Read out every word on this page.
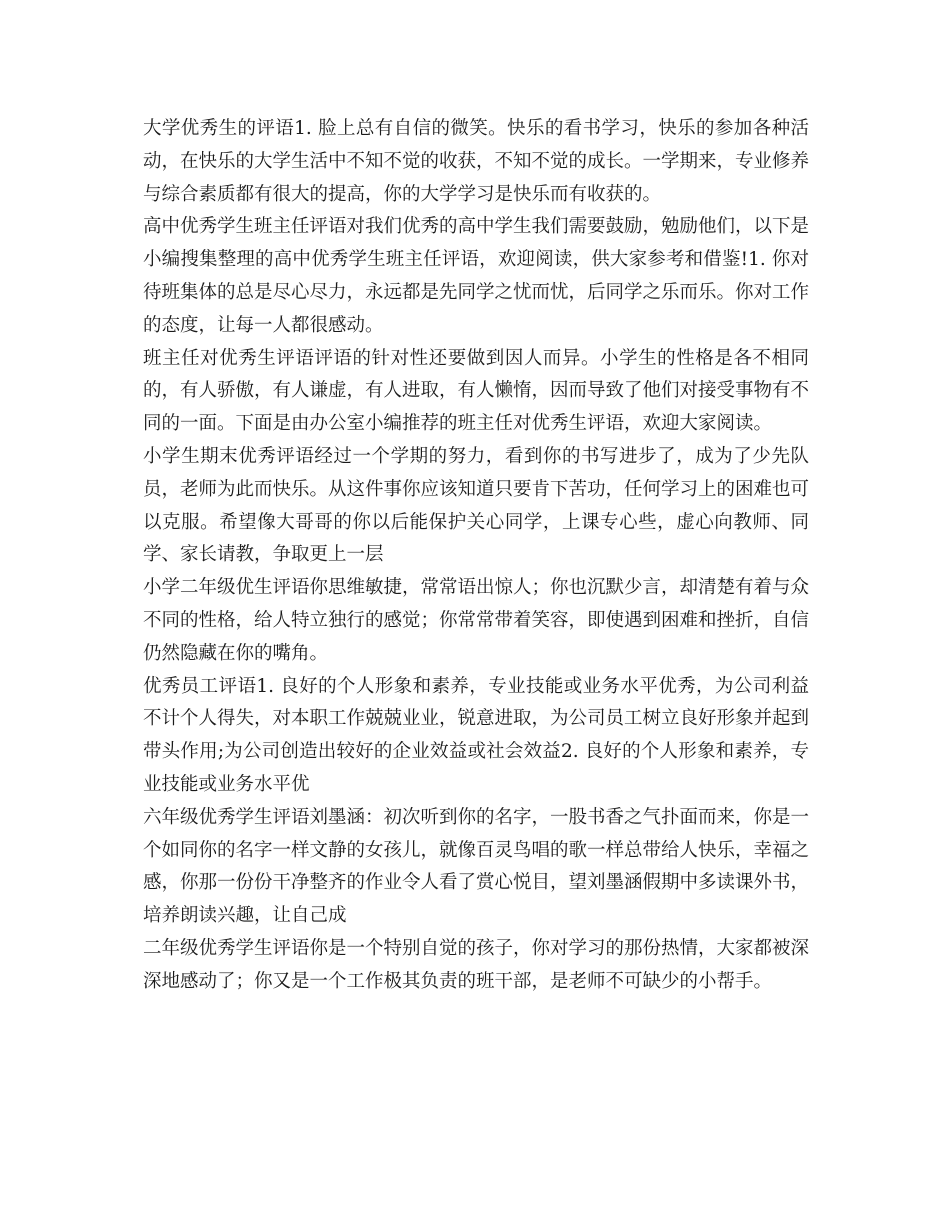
大学优秀生的评语1. 脸上总有自信的微笑。快乐的看书学习，快乐的参加各种活动，在快乐的大学生活中不知不觉的收获，不知不觉的成长。一学期来，专业修养与综合素质都有很大的提高，你的大学学习是快乐而有收获的。

高中优秀学生班主任评语对我们优秀的高中学生我们需要鼓励，勉励他们，以下是小编搜集整理的高中优秀学生班主任评语，欢迎阅读，供大家参考和借鉴!1. 你对待班集体的总是尽心尽力，永远都是先同学之忧而忧，后同学之乐而乐。你对工作的态度，让每一人都很感动。

班主任对优秀生评语评语的针对性还要做到因人而异。小学生的性格是各不相同的，有人骄傲，有人谦虚，有人进取，有人懒惰，因而导致了他们对接受事物有不同的一面。下面是由办公室小编推荐的班主任对优秀生评语，欢迎大家阅读。

小学生期末优秀评语经过一个学期的努力，看到你的书写进步了，成为了少先队员，老师为此而快乐。从这件事你应该知道只要肯下苦功，任何学习上的困难也可以克服。希望像大哥哥的你以后能保护关心同学，上课专心些，虚心向教师、同学、家长请教，争取更上一层

小学二年级优生评语你思维敏捷，常常语出惊人；你也沉默少言，却清楚有着与众不同的性格，给人特立独行的感觉；你常常带着笑容，即使遇到困难和挫折，自信仍然隐藏在你的嘴角。

优秀员工评语1. 良好的个人形象和素养，专业技能或业务水平优秀，为公司利益不计个人得失，对本职工作兢兢业业，锐意进取，为公司员工树立良好形象并起到带头作用;为公司创造出较好的企业效益或社会效益2. 良好的个人形象和素养，专业技能或业务水平优

六年级优秀学生评语刘墨涵：初次听到你的名字，一股书香之气扑面而来，你是一个如同你的名字一样文静的女孩儿，就像百灵鸟唱的歌一样总带给人快乐，幸福之感，你那一份份干净整齐的作业令人看了赏心悦目，望刘墨涵假期中多读课外书，培养朗读兴趣，让自己成

二年级优秀学生评语你是一个特别自觉的孩子，你对学习的那份热情，大家都被深深地感动了；你又是一个工作极其负责的班干部，是老师不可缺少的小帮手。
